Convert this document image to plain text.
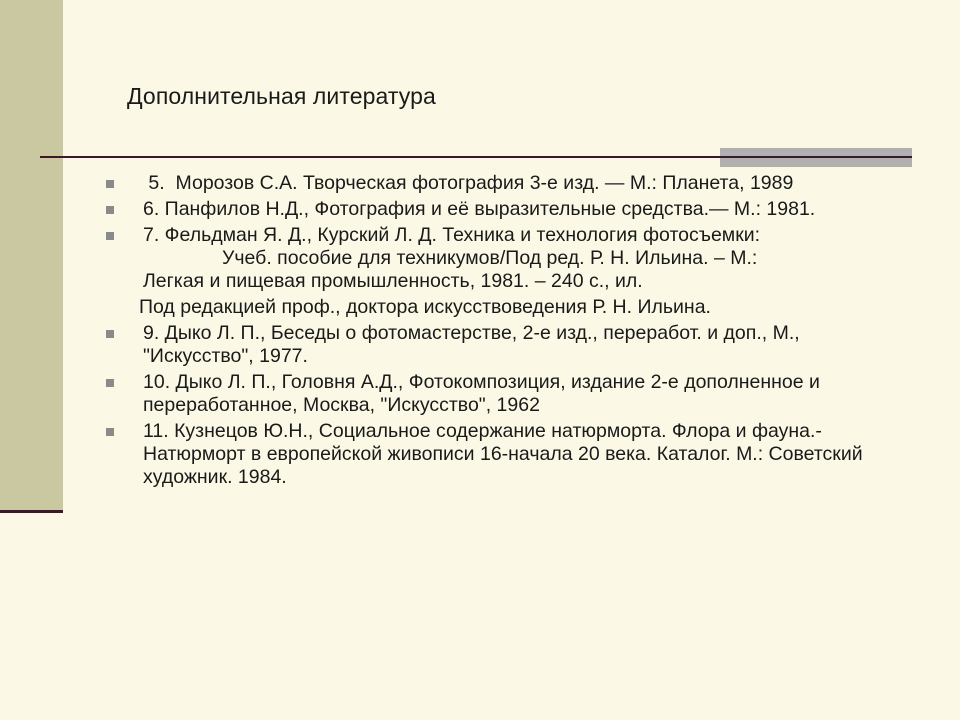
Дополнительная литература
5.  Морозов С.А. Творческая фотография 3-е изд. — М.: Планета, 1989
6. Панфилов Н.Д., Фотография и её выразительные средства.— М.: 1981.
7. Фельдман Я. Д., Курский Л. Д. Техника и технология фотосъемки:
Учеб. пособие для техникумов/Под ред. Р. Н. Ильина. – М.:
Легкая и пищевая промышленность, 1981. – 240 с., ил.
Под редакцией проф., доктора искусствоведения Р. Н. Ильина.
9. Дыко Л. П., Беседы о фотомастерстве, 2-е изд., переработ. и доп., М., "Искусство", 1977.
10. Дыко Л. П., Головня А.Д., Фотокомпозиция, издание 2-е дополненное и переработанное, Москва, "Искусство", 1962
11. Кузнецов Ю.Н., Социальное содержание натюрморта. Флора и фауна.- Натюрморт в европейской живописи 16-начала 20 века. Каталог. М.: Советский художник. 1984.
